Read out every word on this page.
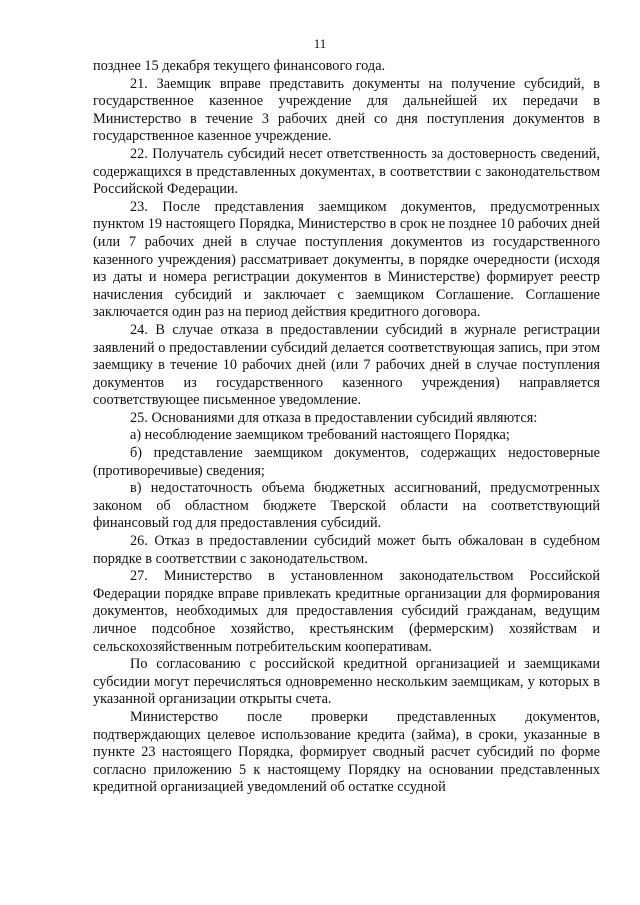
11

позднее 15 декабря текущего финансового года.

21. Заемщик вправе представить документы на получение субсидий, в государственное казенное учреждение для дальнейшей их передачи в Министерство в течение 3 рабочих дней со дня поступления документов в государственное казенное учреждение.

22. Получатель субсидий несет ответственность за достоверность сведений, содержащихся в представленных документах, в соответствии с законодательством Российской Федерации.

23. После представления заемщиком документов, предусмотренных пунктом 19 настоящего Порядка, Министерство в срок не позднее 10 рабочих дней (или 7 рабочих дней в случае поступления документов из государственного казенного учреждения) рассматривает документы, в порядке очередности (исходя из даты и номера регистрации документов в Министерстве) формирует реестр начисления субсидий и заключает с заемщиком Соглашение. Соглашение заключается один раз на период действия кредитного договора.

24. В случае отказа в предоставлении субсидий в журнале регистрации заявлений о предоставлении субсидий делается соответствующая запись, при этом заемщику в течение 10 рабочих дней (или 7 рабочих дней в случае поступления документов из государственного казенного учреждения) направляется соответствующее письменное уведомление.

25. Основаниями для отказа в предоставлении субсидий являются:

а) несоблюдение заемщиком требований настоящего Порядка;

б) представление заемщиком документов, содержащих недостоверные (противоречивые) сведения;

в) недостаточность объема бюджетных ассигнований, предусмотренных законом об областном бюджете Тверской области на соответствующий финансовый год для предоставления субсидий.

26. Отказ в предоставлении субсидий может быть обжалован в судебном порядке в соответствии с законодательством.

27. Министерство в установленном законодательством Российской Федерации порядке вправе привлекать кредитные организации для формирования документов, необходимых для предоставления субсидий гражданам, ведущим личное подсобное хозяйство, крестьянским (фермерским) хозяйствам и сельскохозяйственным потребительским кооперативам.

По согласованию с российской кредитной организацией и заемщиками субсидии могут перечисляться одновременно нескольким заемщикам, у которых в указанной организации открыты счета.

Министерство после проверки представленных документов, подтверждающих целевое использование кредита (займа), в сроки, указанные в пункте 23 настоящего Порядка, формирует сводный расчет субсидий по форме согласно приложению 5 к настоящему Порядку на основании представленных кредитной организацией уведомлений об остатке ссудной
